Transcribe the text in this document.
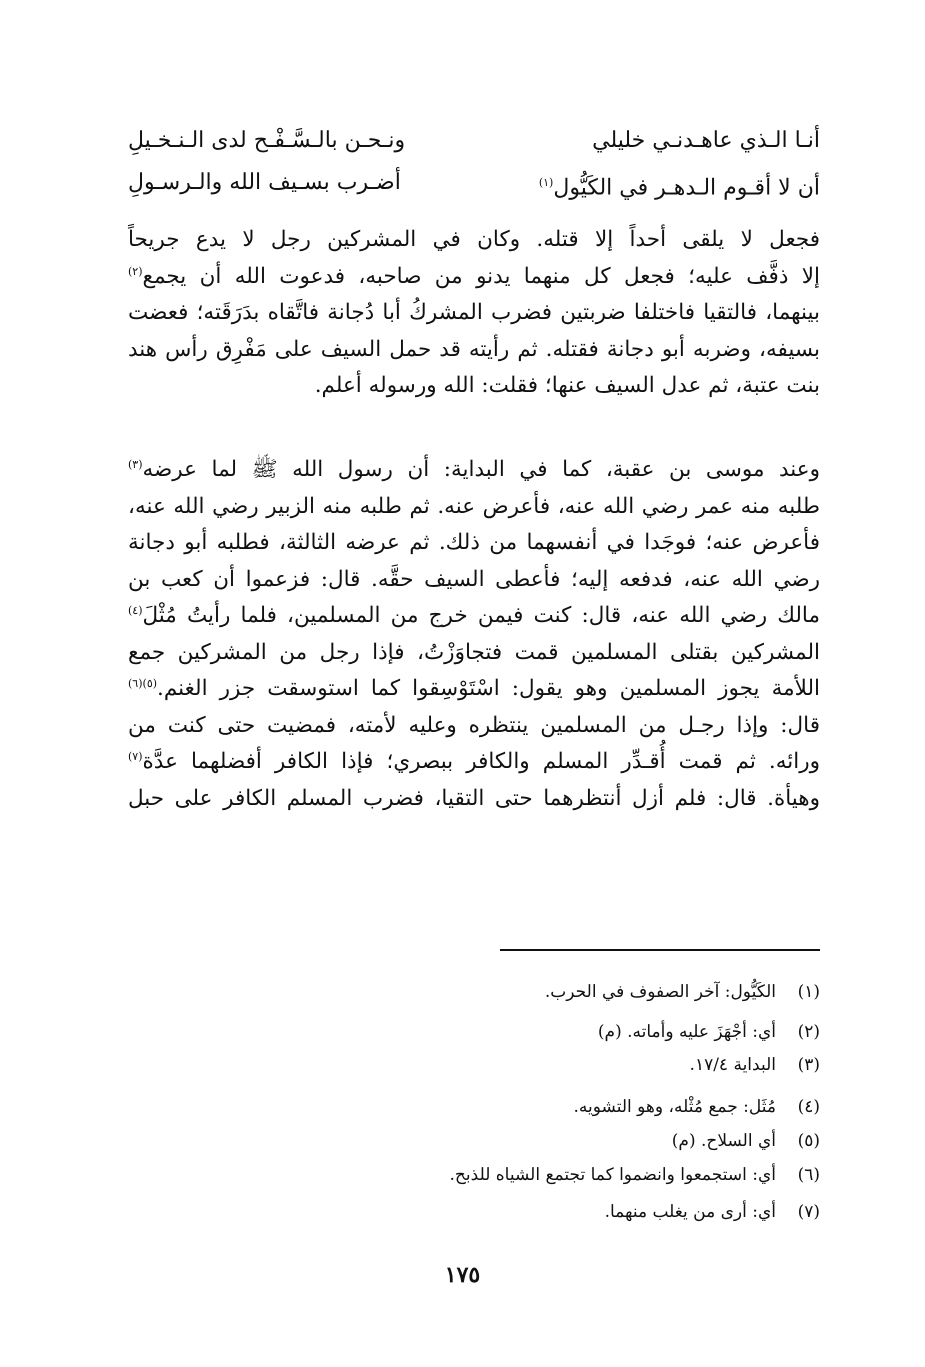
أنـا الـذي عاهـدنـي خليلي
ونـحـن بالـسَّـفْـح لدى الـنـخـيلِ
أن لا أقـوم الـدهـر في الكَيُّول$^{(١)}$
أضـرب بسـيف الله والـرسـولِ
فجعل لا يلقى أحداً إلا قتله. وكان في المشركين رجل لا يدع جريحاً
إلا ذفَّف عليه؛ فجعل كل منهما يدنو من صاحبه، فدعوت الله أن يجمع$^{(٢)}$
بينهما، فالتقيا فاختلفا ضربتين فضرب المشركُ أبا دُجانة فاتَّقاه بدَرَقَته؛ فعضت
بسيفه، وضربه أبو دجانة فقتله. ثم رأيته قد حمل السيف على مَفْرِق رأس هند
بنت عتبة، ثم عدل السيف عنها؛ فقلت: الله ورسوله أعلم.
وعند موسى بن عقبة، كما في البداية: أن رسول الله ﷺ لما عرضه$^{(٣)}$
طلبه منه عمر رضي الله عنه، فأعرض عنه. ثم طلبه منه الزبير رضي الله عنه،
فأعرض عنه؛ فوجَدا في أنفسهما من ذلك. ثم عرضه الثالثة، فطلبه أبو دجانة
رضي الله عنه، فدفعه إليه؛ فأعطى السيف حقَّه. قال: فزعموا أن كعب بن
مالك رضي الله عنه، قال: كنت فيمن خرج من المسلمين، فلما رأيتُ مُثْلَ$^{(٤)}$
المشركين بقتلى المسلمين قمت فتجاوَزْتُ، فإذا رجل من المشركين جمع
اللأمة يجوز المسلمين وهو يقول: اسْتَوْسِقوا كما استوسقت جزر الغنم.$^{(٥)(٦)}$
قال: وإذا رجـل من المسلمين ينتظره وعليه لأمته، فمضيت حتى كنت من
ورائه. ثم قمت أُقـدِّر المسلم والكافر ببصري؛ فإذا الكافر أفضلهما عدَّة$^{(٧)}$
وهيأة. قال: فلم أزل أنتظرهما حتى التقيا، فضرب المسلم الكافر على حبل
(١)
الكَيُّول: آخر الصفوف في الحرب.
(٢)
أي: أجْهَزَ عليه وأماته. (م)
(٣)
البداية ١٧/٤.
(٤)
مُثَل: جمع مُثْله، وهو التشويه.
(٥)
أي السلاح. (م)
(٦)
أي: استجمعوا وانضموا كما تجتمع الشياه للذبح.
(٧)
أي: أرى من يغلب منهما.
١٧٥
